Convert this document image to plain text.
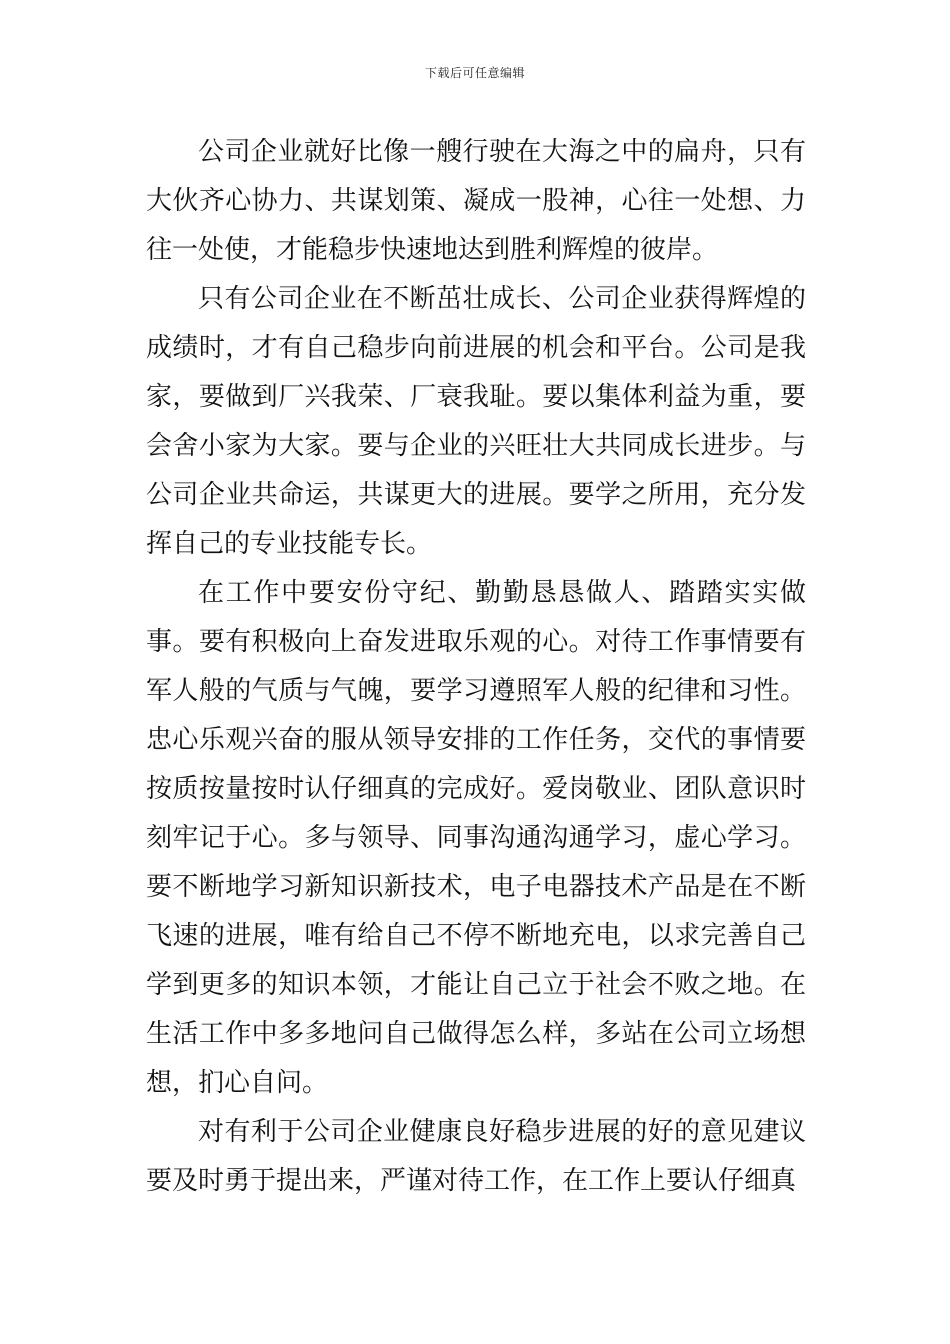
下载后可任意编辑

公司企业就好比像一艘行驶在大海之中的扁舟，只有大伙齐心协力、共谋划策、凝成一股神，心往一处想、力往一处使，才能稳步快速地达到胜利辉煌的彼岸。

只有公司企业在不断茁壮成长、公司企业获得辉煌的成绩时，才有自己稳步向前进展的机会和平台。公司是我家，要做到厂兴我荣、厂衰我耻。要以集体利益为重，要会舍小家为大家。要与企业的兴旺壮大共同成长进步。与公司企业共命运，共谋更大的进展。要学之所用，充分发挥自己的专业技能专长。

在工作中要安份守纪、勤勤恳恳做人、踏踏实实做事。要有积极向上奋发进取乐观的心。对待工作事情要有军人般的气质与气魄，要学习遵照军人般的纪律和习性。忠心乐观兴奋的服从领导安排的工作任务，交代的事情要按质按量按时认仔细真的完成好。爱岗敬业、团队意识时刻牢记于心。多与领导、同事沟通沟通学习，虚心学习。要不断地学习新知识新技术，电子电器技术产品是在不断飞速的进展，唯有给自己不停不断地充电，以求完善自己学到更多的知识本领，才能让自己立于社会不败之地。在生活工作中多多地问自己做得怎么样，多站在公司立场想想，扪心自问。

对有利于公司企业健康良好稳步进展的好的意见建议要及时勇于提出来，严谨对待工作，在工作上要认仔细真
